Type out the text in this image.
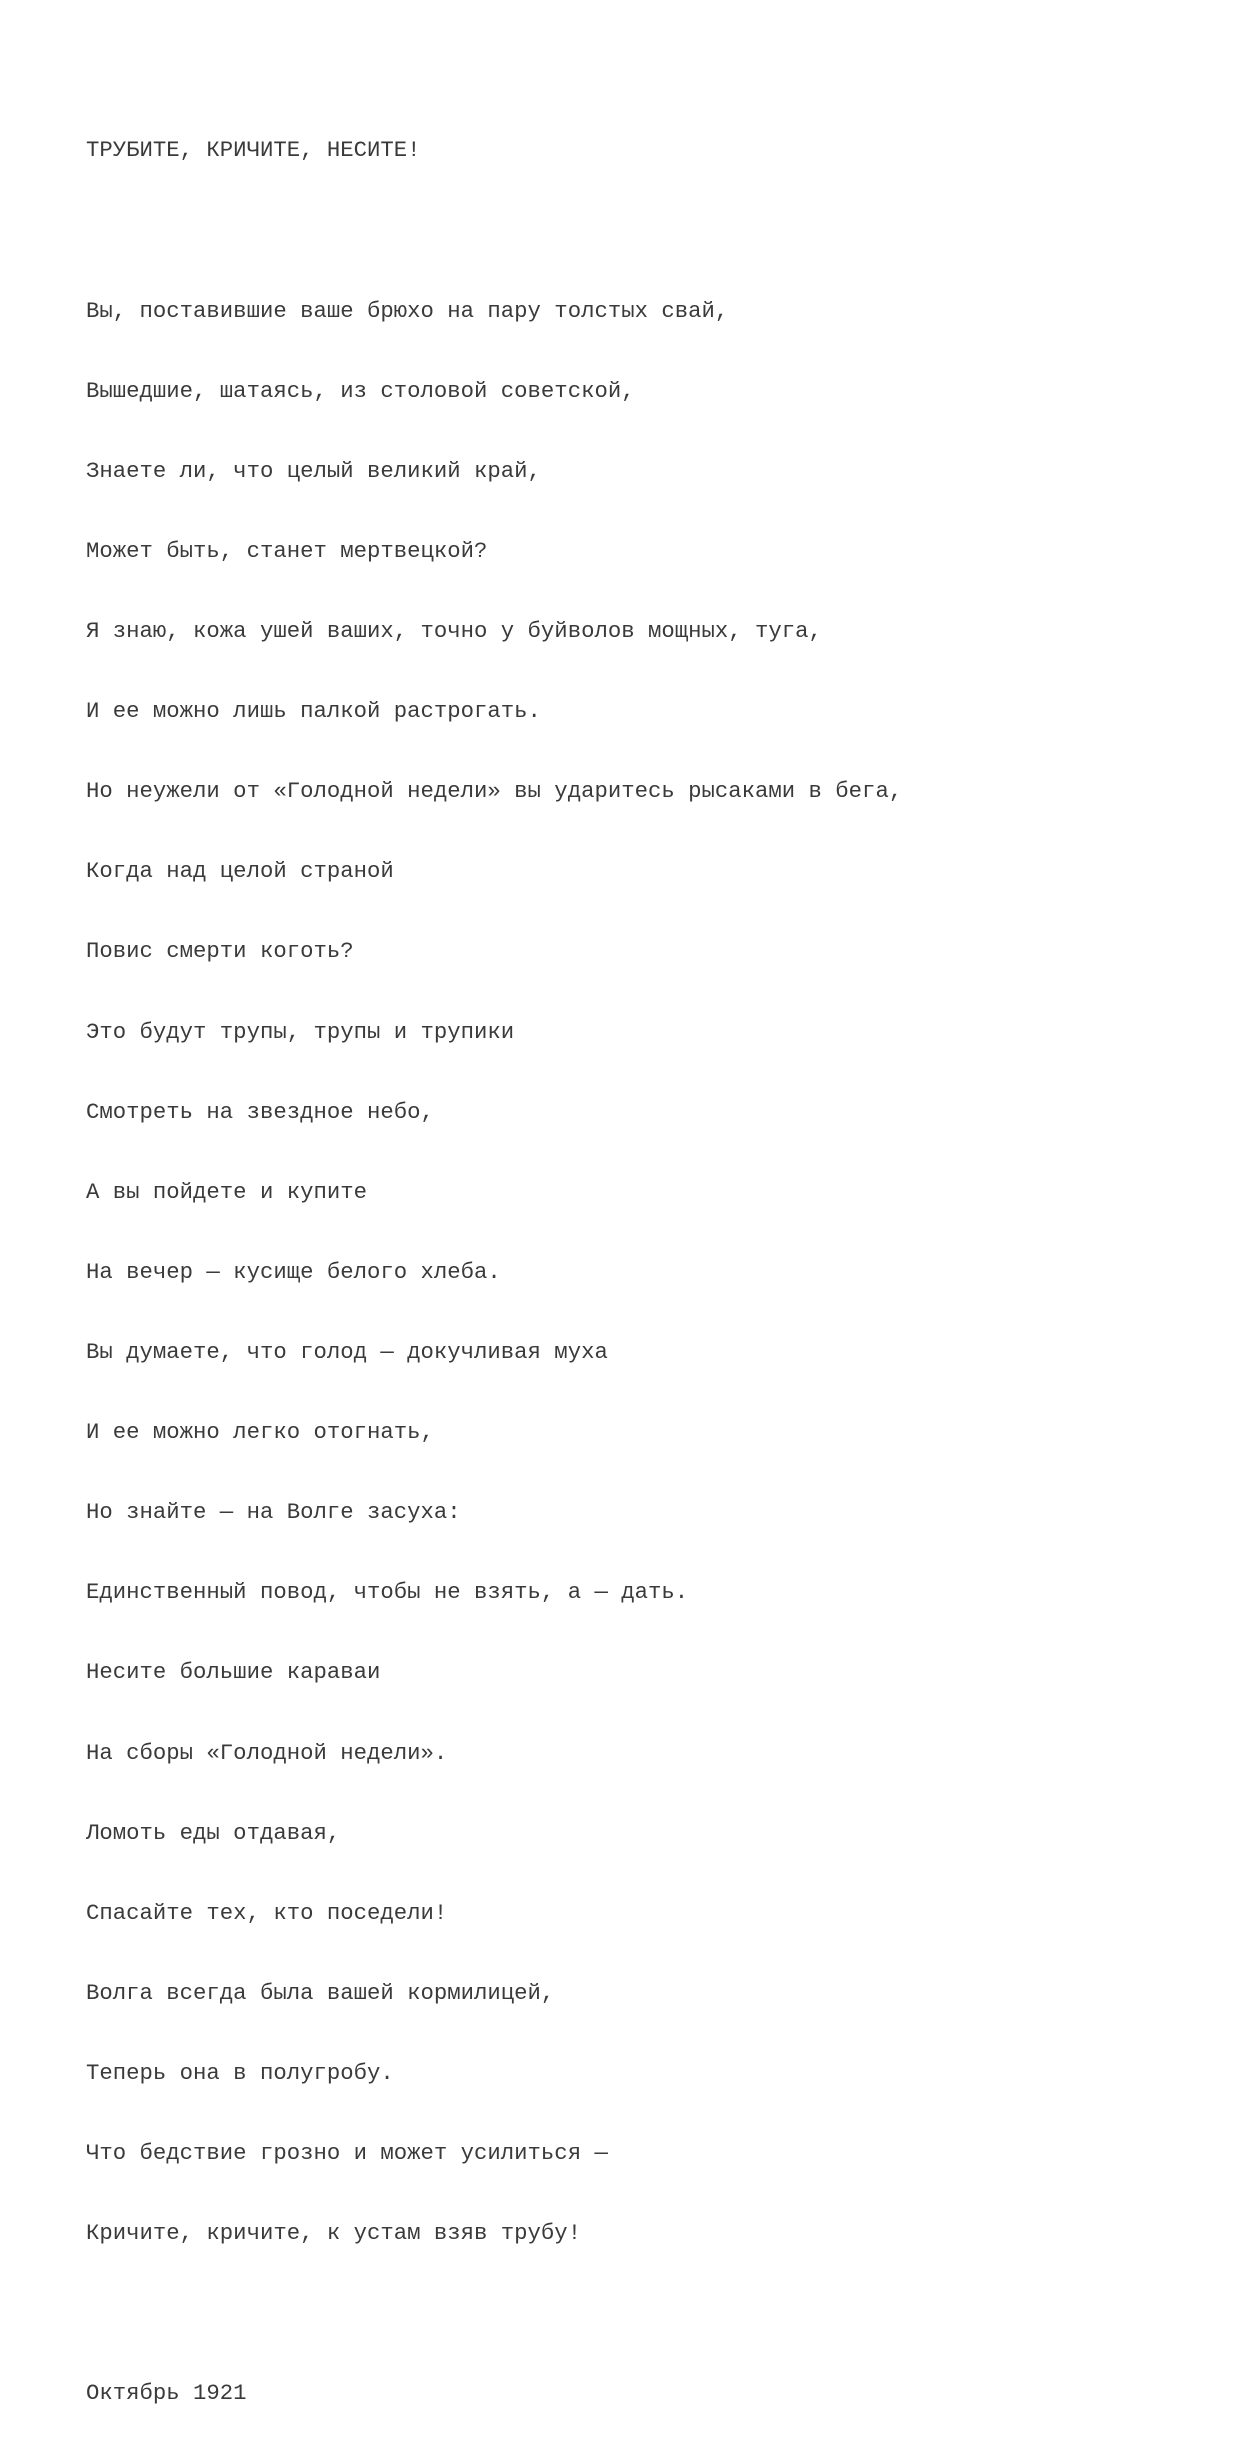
ТРУБИТЕ, КРИЧИТЕ, НЕСИТЕ!

Вы, поставившие ваше брюхо на пару толстых свай,

Вышедшие, шатаясь, из столовой советской,

Знаете ли, что целый великий край,

Может быть, станет мертвецкой?

Я знаю, кожа ушей ваших, точно у буйволов мощных, туга,

И ее можно лишь палкой растрогать.

Но неужели от «Голодной недели» вы ударитесь рысаками в бега,

Когда над целой страной

Повис смерти коготь?

Это будут трупы, трупы и трупики

Смотреть на звездное небо,

А вы пойдете и купите

На вечер — кусище белого хлеба.

Вы думаете, что голод — докучливая муха

И ее можно легко отогнать,

Но знайте — на Волге засуха:

Единственный повод, чтобы не взять, а — дать.

Несите большие караваи

На сборы «Голодной недели».

Ломоть еды отдавая,

Спасайте тех, кто поседели!

Волга всегда была вашей кормилицей,

Теперь она в полугробу.

Что бедствие грозно и может усилиться —

Кричите, кричите, к устам взяв трубу!

Октябрь 1921
